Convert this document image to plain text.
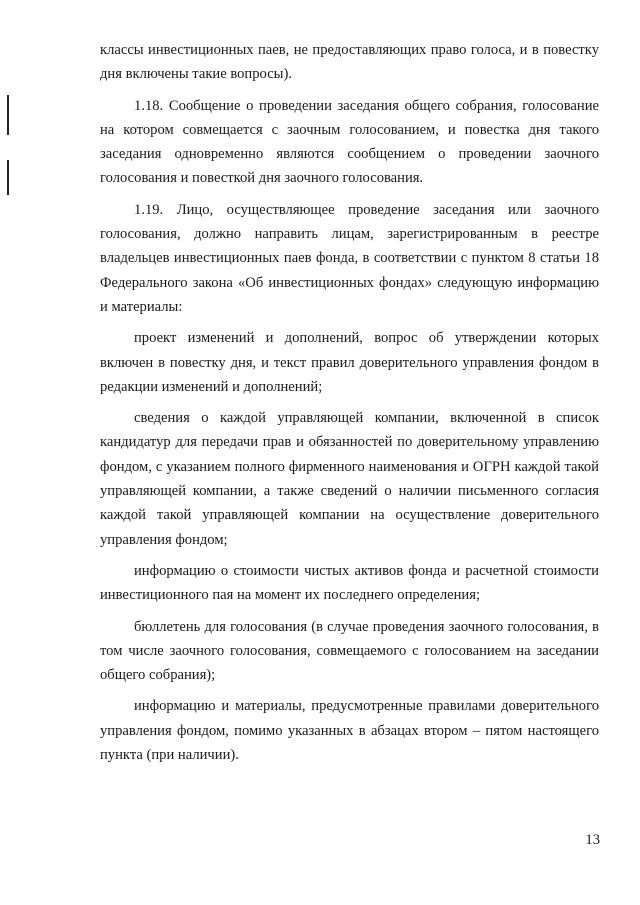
классы инвестиционных паев, не предоставляющих право голоса, и в повестку дня включены такие вопросы).

1.18. Сообщение о проведении заседания общего собрания, голосование на котором совмещается с заочным голосованием, и повестка дня такого заседания одновременно являются сообщением о проведении заочного голосования и повесткой дня заочного голосования.

1.19. Лицо, осуществляющее проведение заседания или заочного голосования, должно направить лицам, зарегистрированным в реестре владельцев инвестиционных паев фонда, в соответствии с пунктом 8 статьи 18 Федерального закона «Об инвестиционных фондах» следующую информацию и материалы:

проект изменений и дополнений, вопрос об утверждении которых включен в повестку дня, и текст правил доверительного управления фондом в редакции изменений и дополнений;

сведения о каждой управляющей компании, включенной в список кандидатур для передачи прав и обязанностей по доверительному управлению фондом, с указанием полного фирменного наименования и ОГРН каждой такой управляющей компании, а также сведений о наличии письменного согласия каждой такой управляющей компании на осуществление доверительного управления фондом;

информацию о стоимости чистых активов фонда и расчетной стоимости инвестиционного пая на момент их последнего определения;

бюллетень для голосования (в случае проведения заочного голосования, в том числе заочного голосования, совмещаемого с голосованием на заседании общего собрания);

информацию и материалы, предусмотренные правилами доверительного управления фондом, помимо указанных в абзацах втором – пятом настоящего пункта (при наличии).

13
